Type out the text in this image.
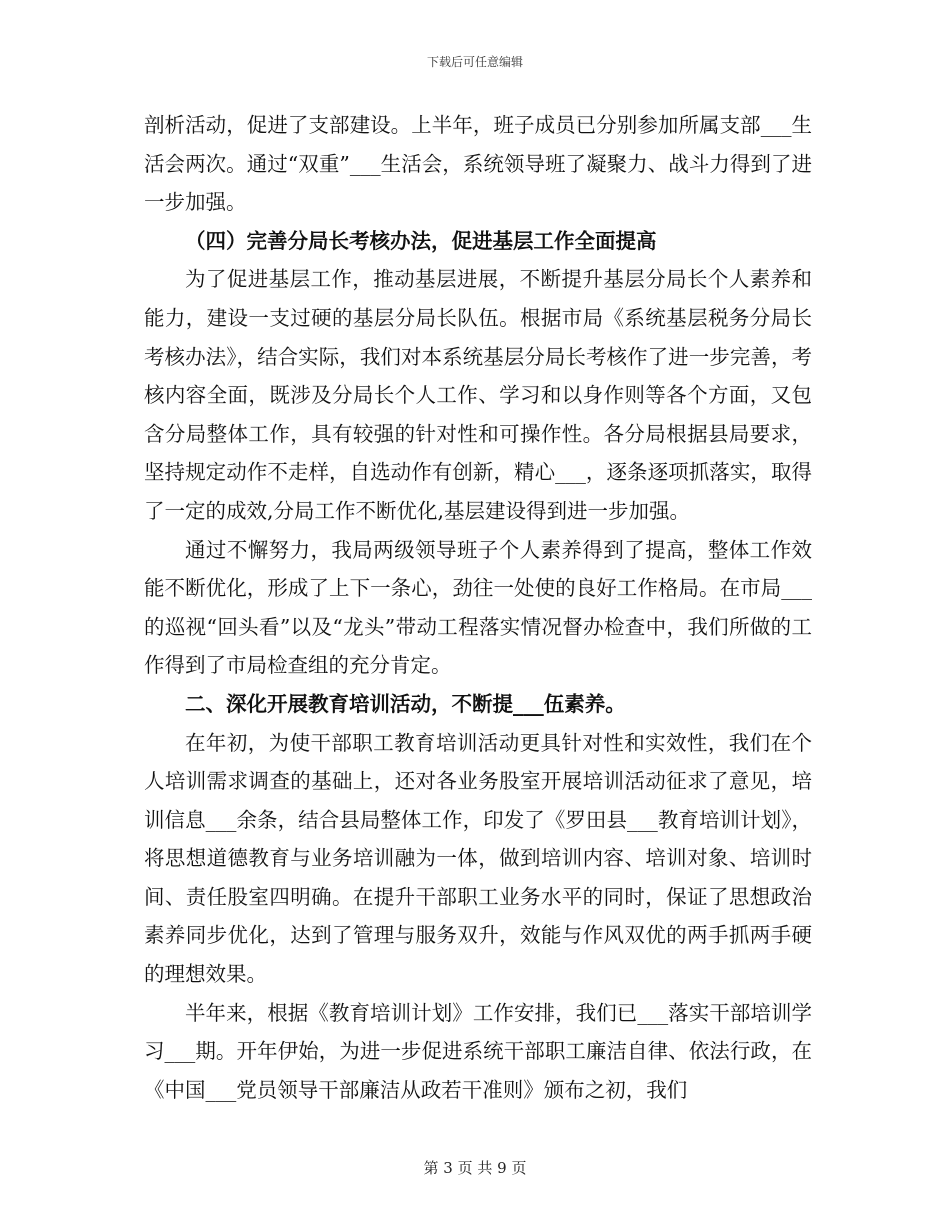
下载后可任意编辑

剖析活动，促进了支部建设。上半年，班子成员已分别参加所属支部___生活会两次。通过“双重”___生活会，系统领导班了凝聚力、战斗力得到了进一步加强。

（四）完善分局长考核办法，促进基层工作全面提高

为了促进基层工作，推动基层进展，不断提升基层分局长个人素养和能力，建设一支过硬的基层分局长队伍。根据市局《系统基层税务分局长考核办法》，结合实际，我们对本系统基层分局长考核作了进一步完善，考核内容全面，既涉及分局长个人工作、学习和以身作则等各个方面，又包含分局整体工作，具有较强的针对性和可操作性。各分局根据县局要求，坚持规定动作不走样，自选动作有创新，精心___，逐条逐项抓落实，取得了一定的成效,分局工作不断优化,基层建设得到进一步加强。

通过不懈努力，我局两级领导班子个人素养得到了提高，整体工作效能不断优化，形成了上下一条心，劲往一处使的良好工作格局。在市局___的巡视“回头看”以及“龙头”带动工程落实情况督办检查中，我们所做的工作得到了市局检查组的充分肯定。

二、深化开展教育培训活动，不断提___伍素养。

在年初，为使干部职工教育培训活动更具针对性和实效性，我们在个人培训需求调查的基础上，还对各业务股室开展培训活动征求了意见，培训信息___余条，结合县局整体工作，印发了《罗田县___教育培训计划》，将思想道德教育与业务培训融为一体，做到培训内容、培训对象、培训时间、责任股室四明确。在提升干部职工业务水平的同时，保证了思想政治素养同步优化，达到了管理与服务双升，效能与作风双优的两手抓两手硬的理想效果。

半年来，根据《教育培训计划》工作安排，我们已___落实干部培训学习___期。开年伊始，为进一步促进系统干部职工廉洁自律、依法行政，在《中国___党员领导干部廉洁从政若干准则》颁布之初，我们

第 3 页 共 9 页
